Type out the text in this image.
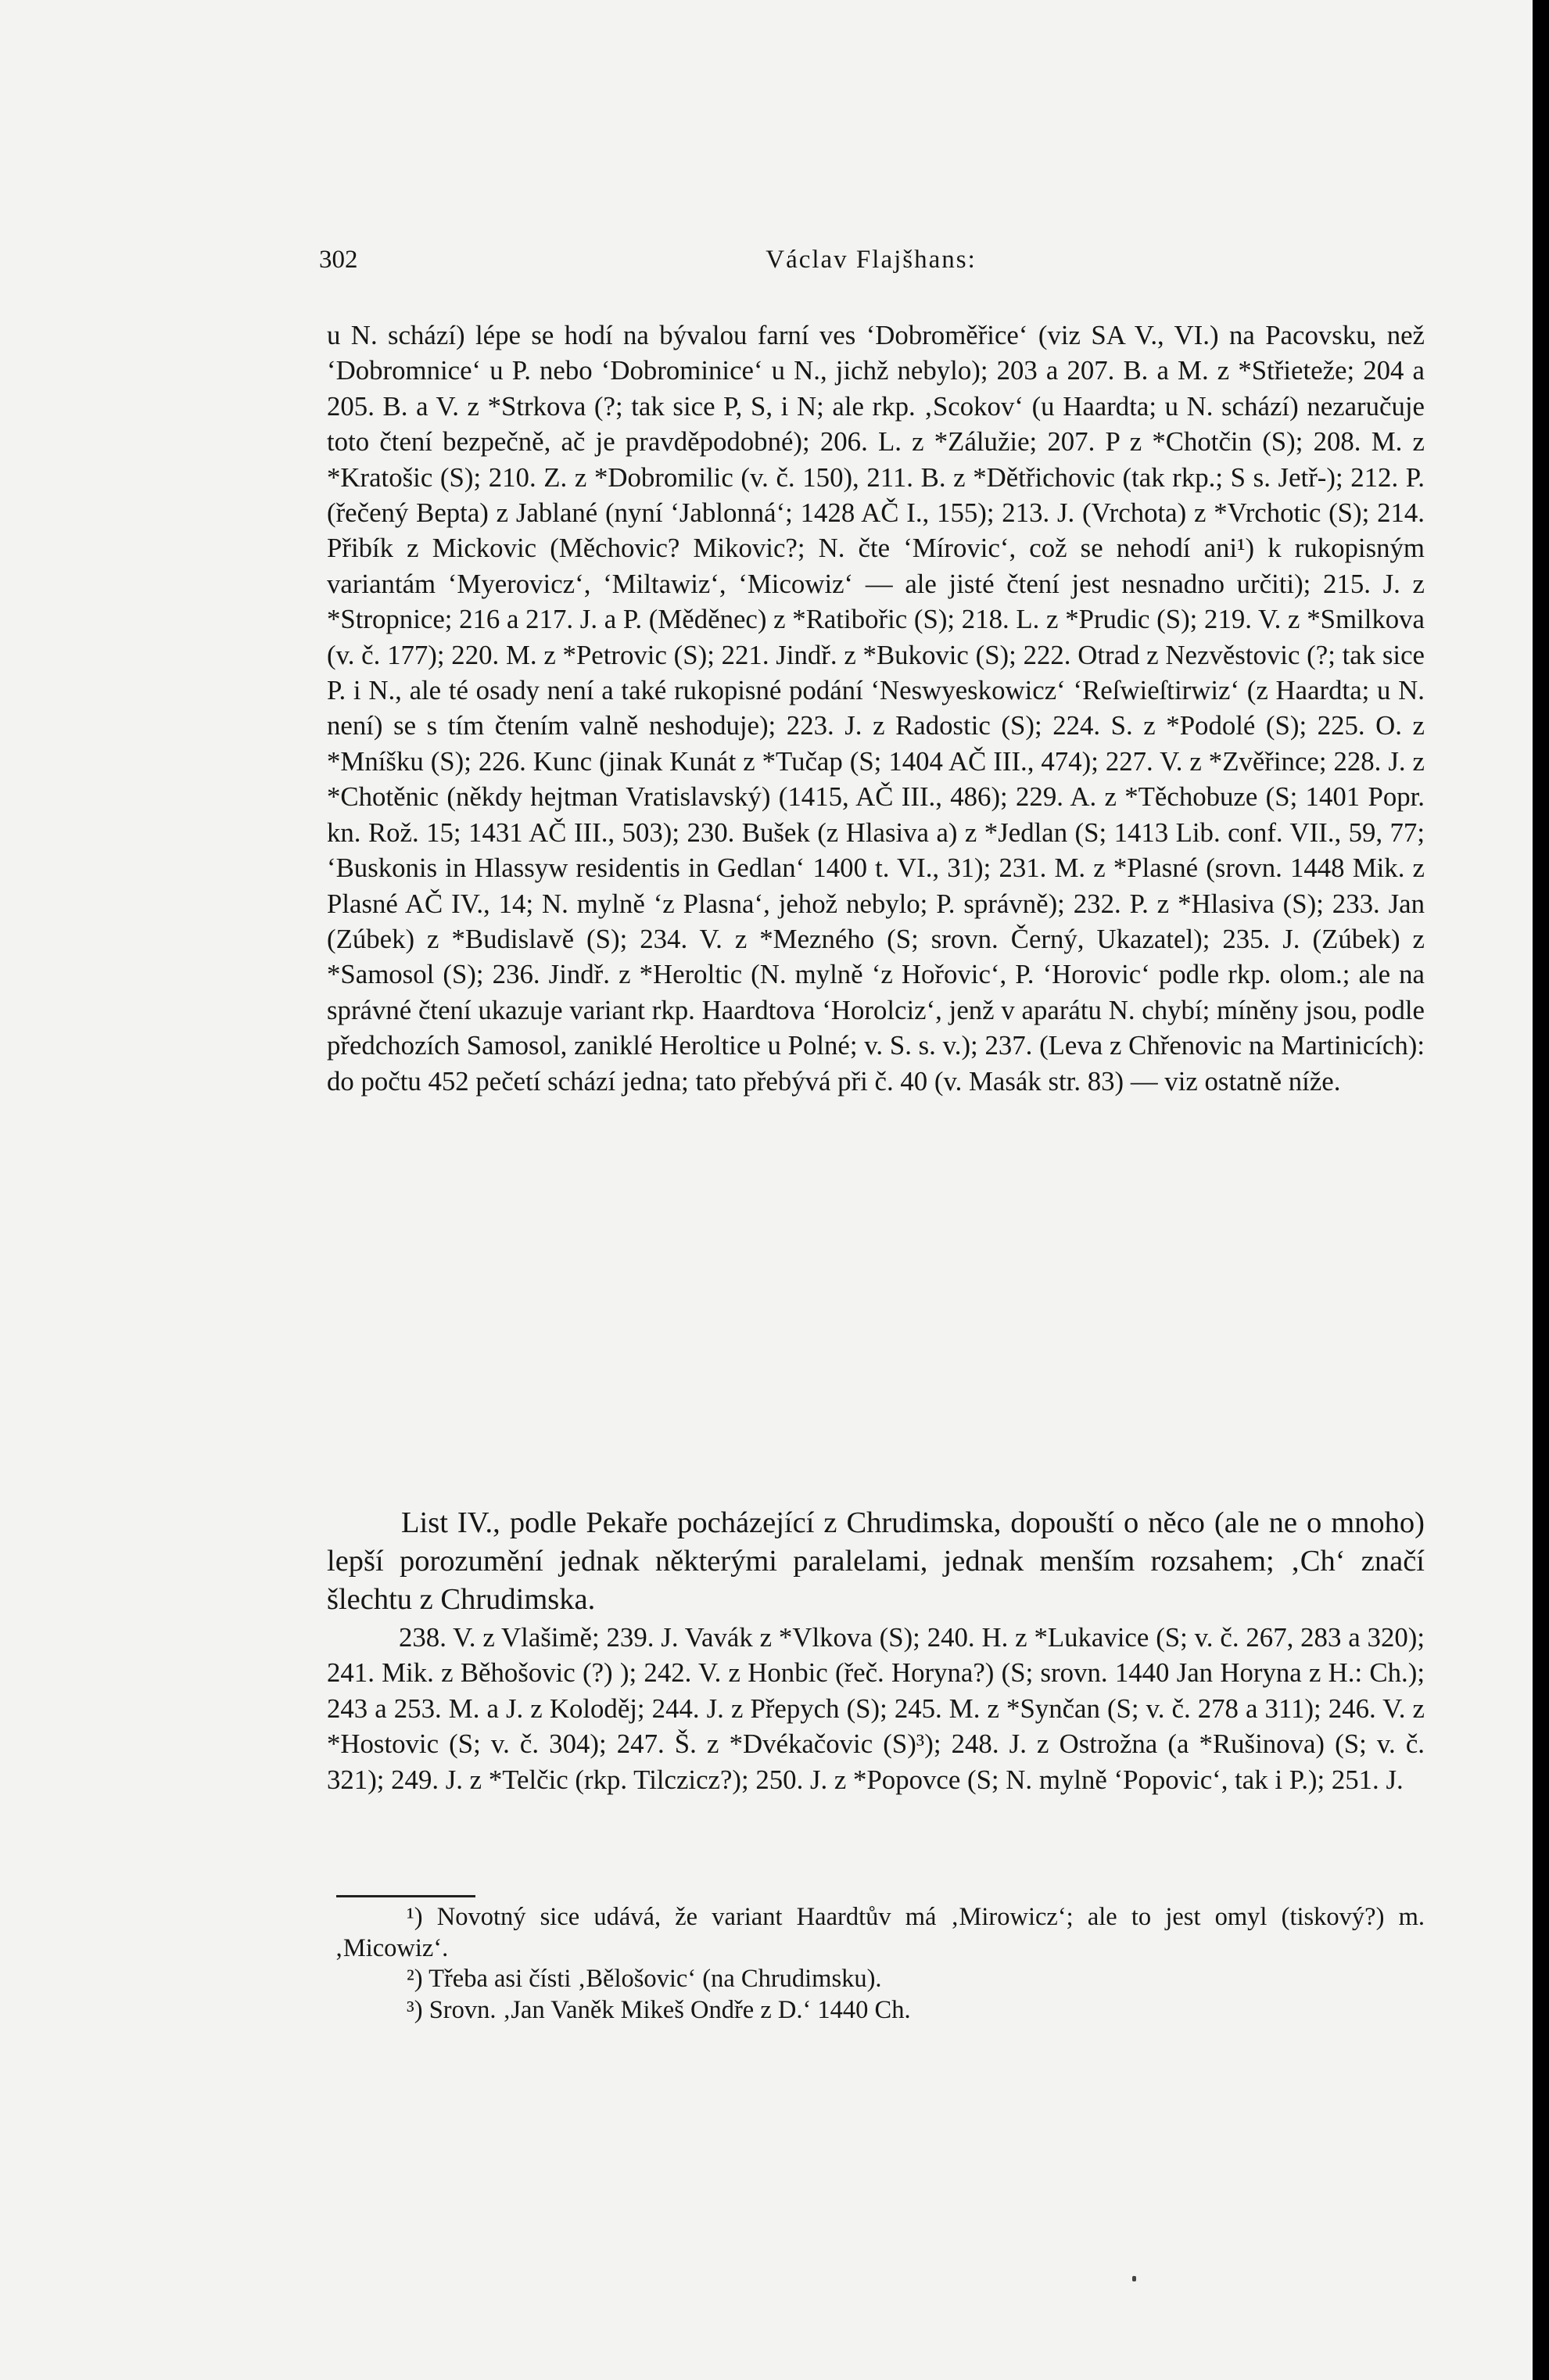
302	Václav Flajšhans:

u N. schází) lépe se hodí na bývalou farní ves ‘Dobroměřice‘ (viz SA V., VI.) na Pacovsku, než ‘Dobromnice‘ u P. nebo ‘Dobrominice‘ u N., jichž nebylo); 203 a 207. B. a M. z *Střieteže; 204 a 205. B. a V. z *Strkova (?; tak sice P, S, i N; ale rkp. ‚Scokov‘ (u Haardta; u N. schází) nezaručuje toto čtení bezpečně, ač je pravděpodobné); 206. L. z *Zálužie; 207. P z *Chotčin (S); 208. M. z *Kratošic (S); 210. Z. z *Dobromilic (v. č. 150), 211. B. z *Dětřichovic (tak rkp.; S s. Jetř-); 212. P. (řečený Bepta) z Jablané (nyní ‘Jablonná‘; 1428 AČ I., 155); 213. J. (Vrchota) z *Vrchotic (S); 214. Přibík z Mickovic (Měchovic? Mikovic?; N. čte ‘Mírovic‘, což se nehodí ani¹) k rukopisným variantám ‘Myerovicz‘, ‘Miltawiz‘, ‘Micowiz‘ — ale jisté čtení jest nesnadno určiti); 215. J. z *Stropnice; 216 a 217. J. a P. (Měděnec) z *Ratibořic (S); 218. L. z *Prudic (S); 219. V. z *Smilkova (v. č. 177); 220. M. z *Petrovic (S); 221. Jindř. z *Bukovic (S); 222. Otrad z Nezvěstovic (?; tak sice P. i N., ale té osady není a také rukopisné podání ‘Neswyeskowicz‘ ‘Reſwieſtirwiz‘ (z Haardta; u N. není) se s tím čtením valně neshoduje); 223. J. z Radostic (S); 224. S. z *Podolé (S); 225. O. z *Mníšku (S); 226. Kunc (jinak Kunát z *Tučap (S; 1404 AČ III., 474); 227. V. z *Zvěřince; 228. J. z *Chotěnic (někdy hejtman Vratislavský) (1415, AČ III., 486); 229. A. z *Těchobuze (S; 1401 Popr. kn. Rož. 15; 1431 AČ III., 503); 230. Bušek (z Hlasiva a) z *Jedlan (S; 1413 Lib. conf. VII., 59, 77; ‘Buskonis in Hlassyw residentis in Gedlan‘ 1400 t. VI., 31); 231. M. z *Plasné (srovn. 1448 Mik. z Plasné AČ IV., 14; N. mylně ‘z Plasna‘, jehož nebylo; P. správně); 232. P. z *Hlasiva (S); 233. Jan (Zúbek) z *Budislavě (S); 234. V. z *Mezného (S; srovn. Černý, Ukazatel); 235. J. (Zúbek) z *Samosol (S); 236. Jindř. z *Heroltic (N. mylně ‘z Hořovic‘, P. ‘Horovic‘ podle rkp. olom.; ale na správné čtení ukazuje variant rkp. Haardtova ‘Horolciz‘, jenž v aparátu N. chybí; míněny jsou, podle předchozích Samosol, zaniklé Heroltice u Polné; v. S. s. v.); 237. (Leva z Chřenovic na Martinicích): do počtu 452 pečetí schází jedna; tato přebývá při č. 40 (v. Masák str. 83) — viz ostatně níže.

List IV., podle Pekaře pocházející z Chrudimska, dopouští o něco (ale ne o mnoho) lepší porozumění jednak některými paralelami, jednak menším rozsahem; ‚Ch‘ značí šlechtu z Chrudimska.

238. V. z Vlašimě; 239. J. Vavák z *Vlkova (S); 240. H. z *Lukavice (S; v. č. 267, 283 a 320); 241. Mik. z Běhošovic (?) ); 242. V. z Honbic (řeč. Horyna?) (S; srovn. 1440 Jan Horyna z H.: Ch.); 243 a 253. M. a J. z Koloděj; 244. J. z Přepych (S); 245. M. z *Synčan (S; v. č. 278 a 311); 246. V. z *Hostovic (S; v. č. 304); 247. Š. z *Dvékačovic (S)³); 248. J. z Ostrožna (a *Rušinova) (S; v. č. 321); 249. J. z *Telčic (rkp. Tilczicz?); 250. J. z *Popovce (S; N. mylně ‘Popovic‘, tak i P.); 251. J.

¹) Novotný sice udává, že variant Haardtův má ‚Mirowicz‘; ale to jest omyl (tiskový?) m. ‚Micowiz‘.

²) Třeba asi čísti ‚Bělošovic‘ (na Chrudimsku).

³) Srovn. ‚Jan Vaněk Mikeš Ondře z D.‘ 1440 Ch.
